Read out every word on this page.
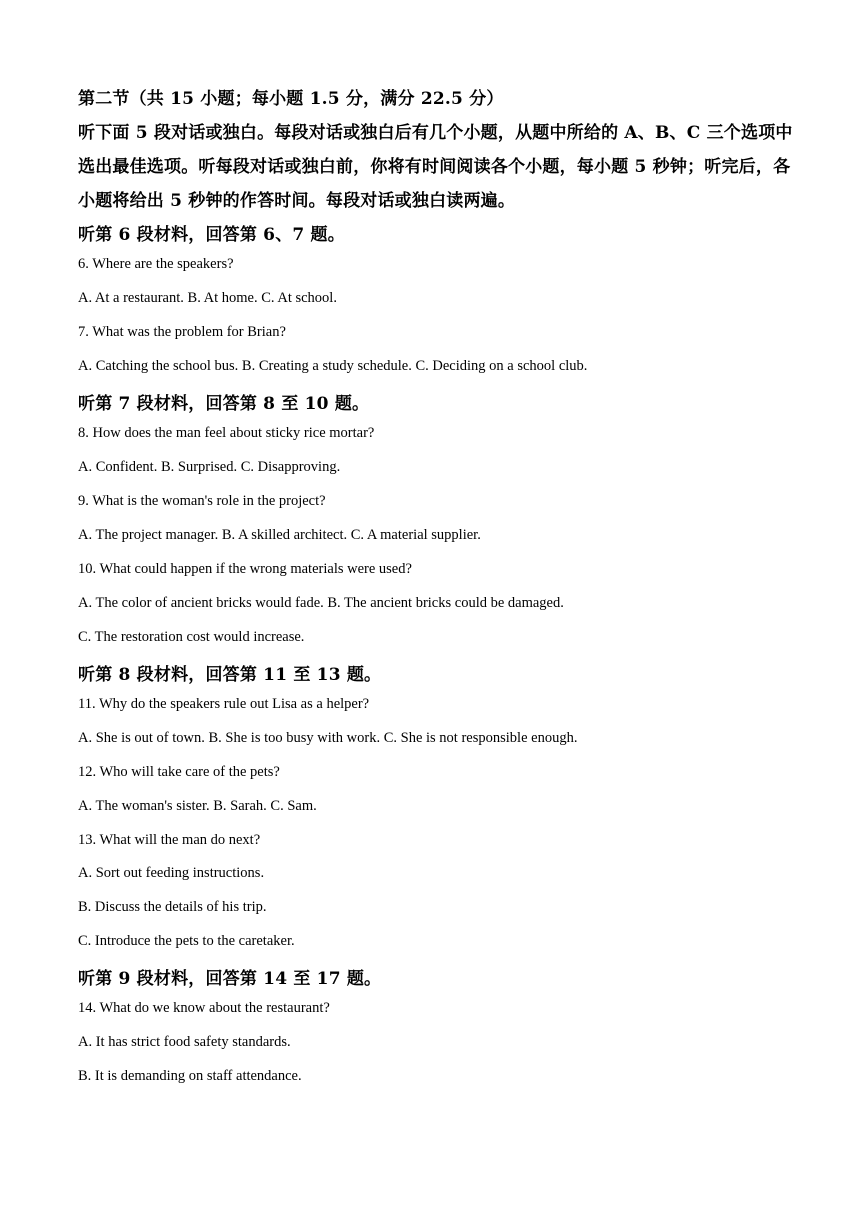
第二节（共 15 小题；每小题 1.5 分，满分 22.5 分）
听下面 5 段对话或独白。每段对话或独白后有几个小题，从题中所给的 A、B、C 三个选项中
选出最佳选项。听每段对话或独白前，你将有时间阅读各个小题，每小题 5 秒钟；听完后，各
小题将给出 5 秒钟的作答时间。每段对话或独白读两遍。
听第 6 段材料，回答第 6、7 题。
6. Where are the speakers?
A. At a restaurant. B. At home. C. At school.
7. What was the problem for Brian?
A. Catching the school bus. B. Creating a study schedule. C. Deciding on a school club.
听第 7 段材料，回答第 8 至 10 题。
8. How does the man feel about sticky rice mortar?
A. Confident. B. Surprised. C. Disapproving.
9. What is the woman's role in the project?
A. The project manager. B. A skilled architect. C. A material supplier.
10. What could happen if the wrong materials were used?
A. The color of ancient bricks would fade. B. The ancient bricks could be damaged.
C. The restoration cost would increase.
听第 8 段材料，回答第 11 至 13 题。
11. Why do the speakers rule out Lisa as a helper?
A. She is out of town. B. She is too busy with work. C. She is not responsible enough.
12. Who will take care of the pets?
A. The woman's sister. B. Sarah. C. Sam.
13. What will the man do next?
A. Sort out feeding instructions.
B. Discuss the details of his trip.
C. Introduce the pets to the caretaker.
听第 9 段材料，回答第 14 至 17 题。
14. What do we know about the restaurant?
A. It has strict food safety standards.
B. It is demanding on staff attendance.
